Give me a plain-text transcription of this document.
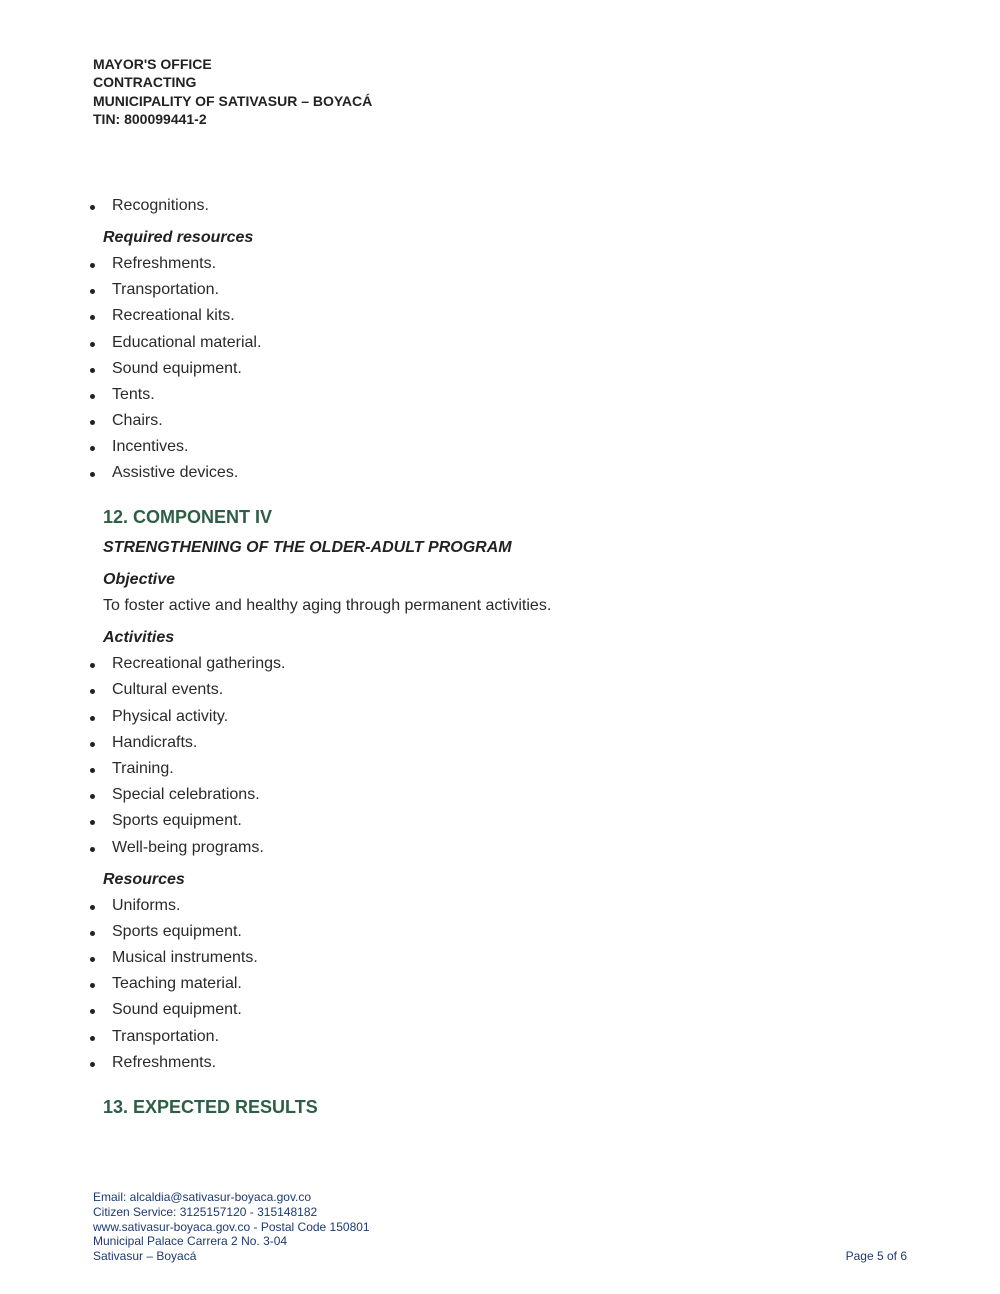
MAYOR'S OFFICE
CONTRACTING
MUNICIPALITY OF SATIVASUR – BOYACÁ
TIN: 800099441-2
Recognitions.
Required resources
Refreshments.
Transportation.
Recreational kits.
Educational material.
Sound equipment.
Tents.
Chairs.
Incentives.
Assistive devices.
12. COMPONENT IV
STRENGTHENING OF THE OLDER-ADULT PROGRAM
Objective
To foster active and healthy aging through permanent activities.
Activities
Recreational gatherings.
Cultural events.
Physical activity.
Handicrafts.
Training.
Special celebrations.
Sports equipment.
Well-being programs.
Resources
Uniforms.
Sports equipment.
Musical instruments.
Teaching material.
Sound equipment.
Transportation.
Refreshments.
13. EXPECTED RESULTS
Email: alcaldia@sativasur-boyaca.gov.co
Citizen Service: 3125157120 - 315148182
www.sativasur-boyaca.gov.co - Postal Code 150801
Municipal Palace Carrera 2 No. 3-04
Sativasur – Boyacá	Page 5 of 6
